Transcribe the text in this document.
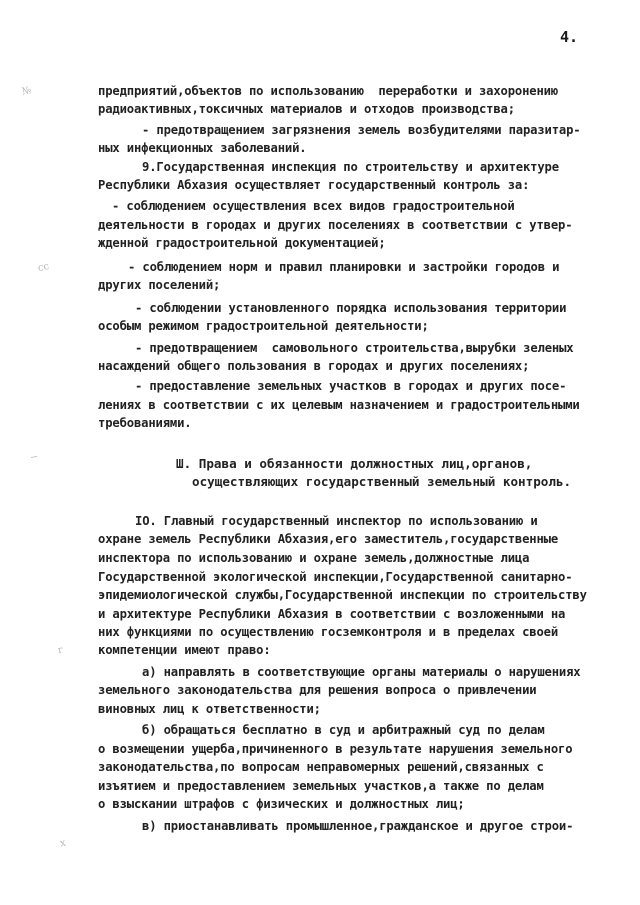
4.
№
сс
−
г
х
предприятий,объектов по использованию  переработки и захоронению
радиоактивных,токсичных материалов и отходов производства;
- предотвращением загрязнения земель возбудителями паразитар-
ных инфекционных заболеваний.
9.Государственная инспекция по строительству и архитектуре
Республики Абхазия осуществляет государственный контроль за:
- соблюдением осуществления всех видов градостроительной
деятельности в городах и других поселениях в соответствии с утвер-
жденной градостроительной документацией;
- соблюдением норм и правил планировки и застройки городов и
других поселений;
- соблюдении установленного порядка использования территории
особым режимом градостроительной деятельности;
- предотвращением  самовольного строительства,вырубки зеленых
насаждений общего пользования в городах и других поселениях;
- предоставление земельных участков в городах и других посе-
лениях в соответствии с их целевым назначением и градостроительными
требованиями.
Ш. Права и обязанности должностных лиц,органов,
осуществляющих государственный земельный контроль.
IO. Главный государственный инспектор по использованию и
охране земель Республики Абхазия,его заместитель,государственные
инспектора по использованию и охране земель,должностные лица
Государственной экологической инспекции,Государственной санитарно-
эпидемиологической службы,Государственной инспекции по строительству
и архитектуре Республики Абхазия в соответствии с возложенными на
них функциями по осуществлению госземконтроля и в пределах своей
компетенции имеют право:
а) направлять в соответствующие органы материалы о нарушениях
земельного законодательства для решения вопроса о привлечении
виновных лиц к ответственности;
б) обращаться бесплатно в суд и арбитражный суд по делам
о возмещении ущерба,причиненного в результате нарушения земельного
законодательства,по вопросам неправомерных решений,связанных с
изъятием и предоставлением земельных участков,а также по делам
о взыскании штрафов с физических и должностных лиц;
в) приостанавливать промышленное,гражданское и другое строи-
